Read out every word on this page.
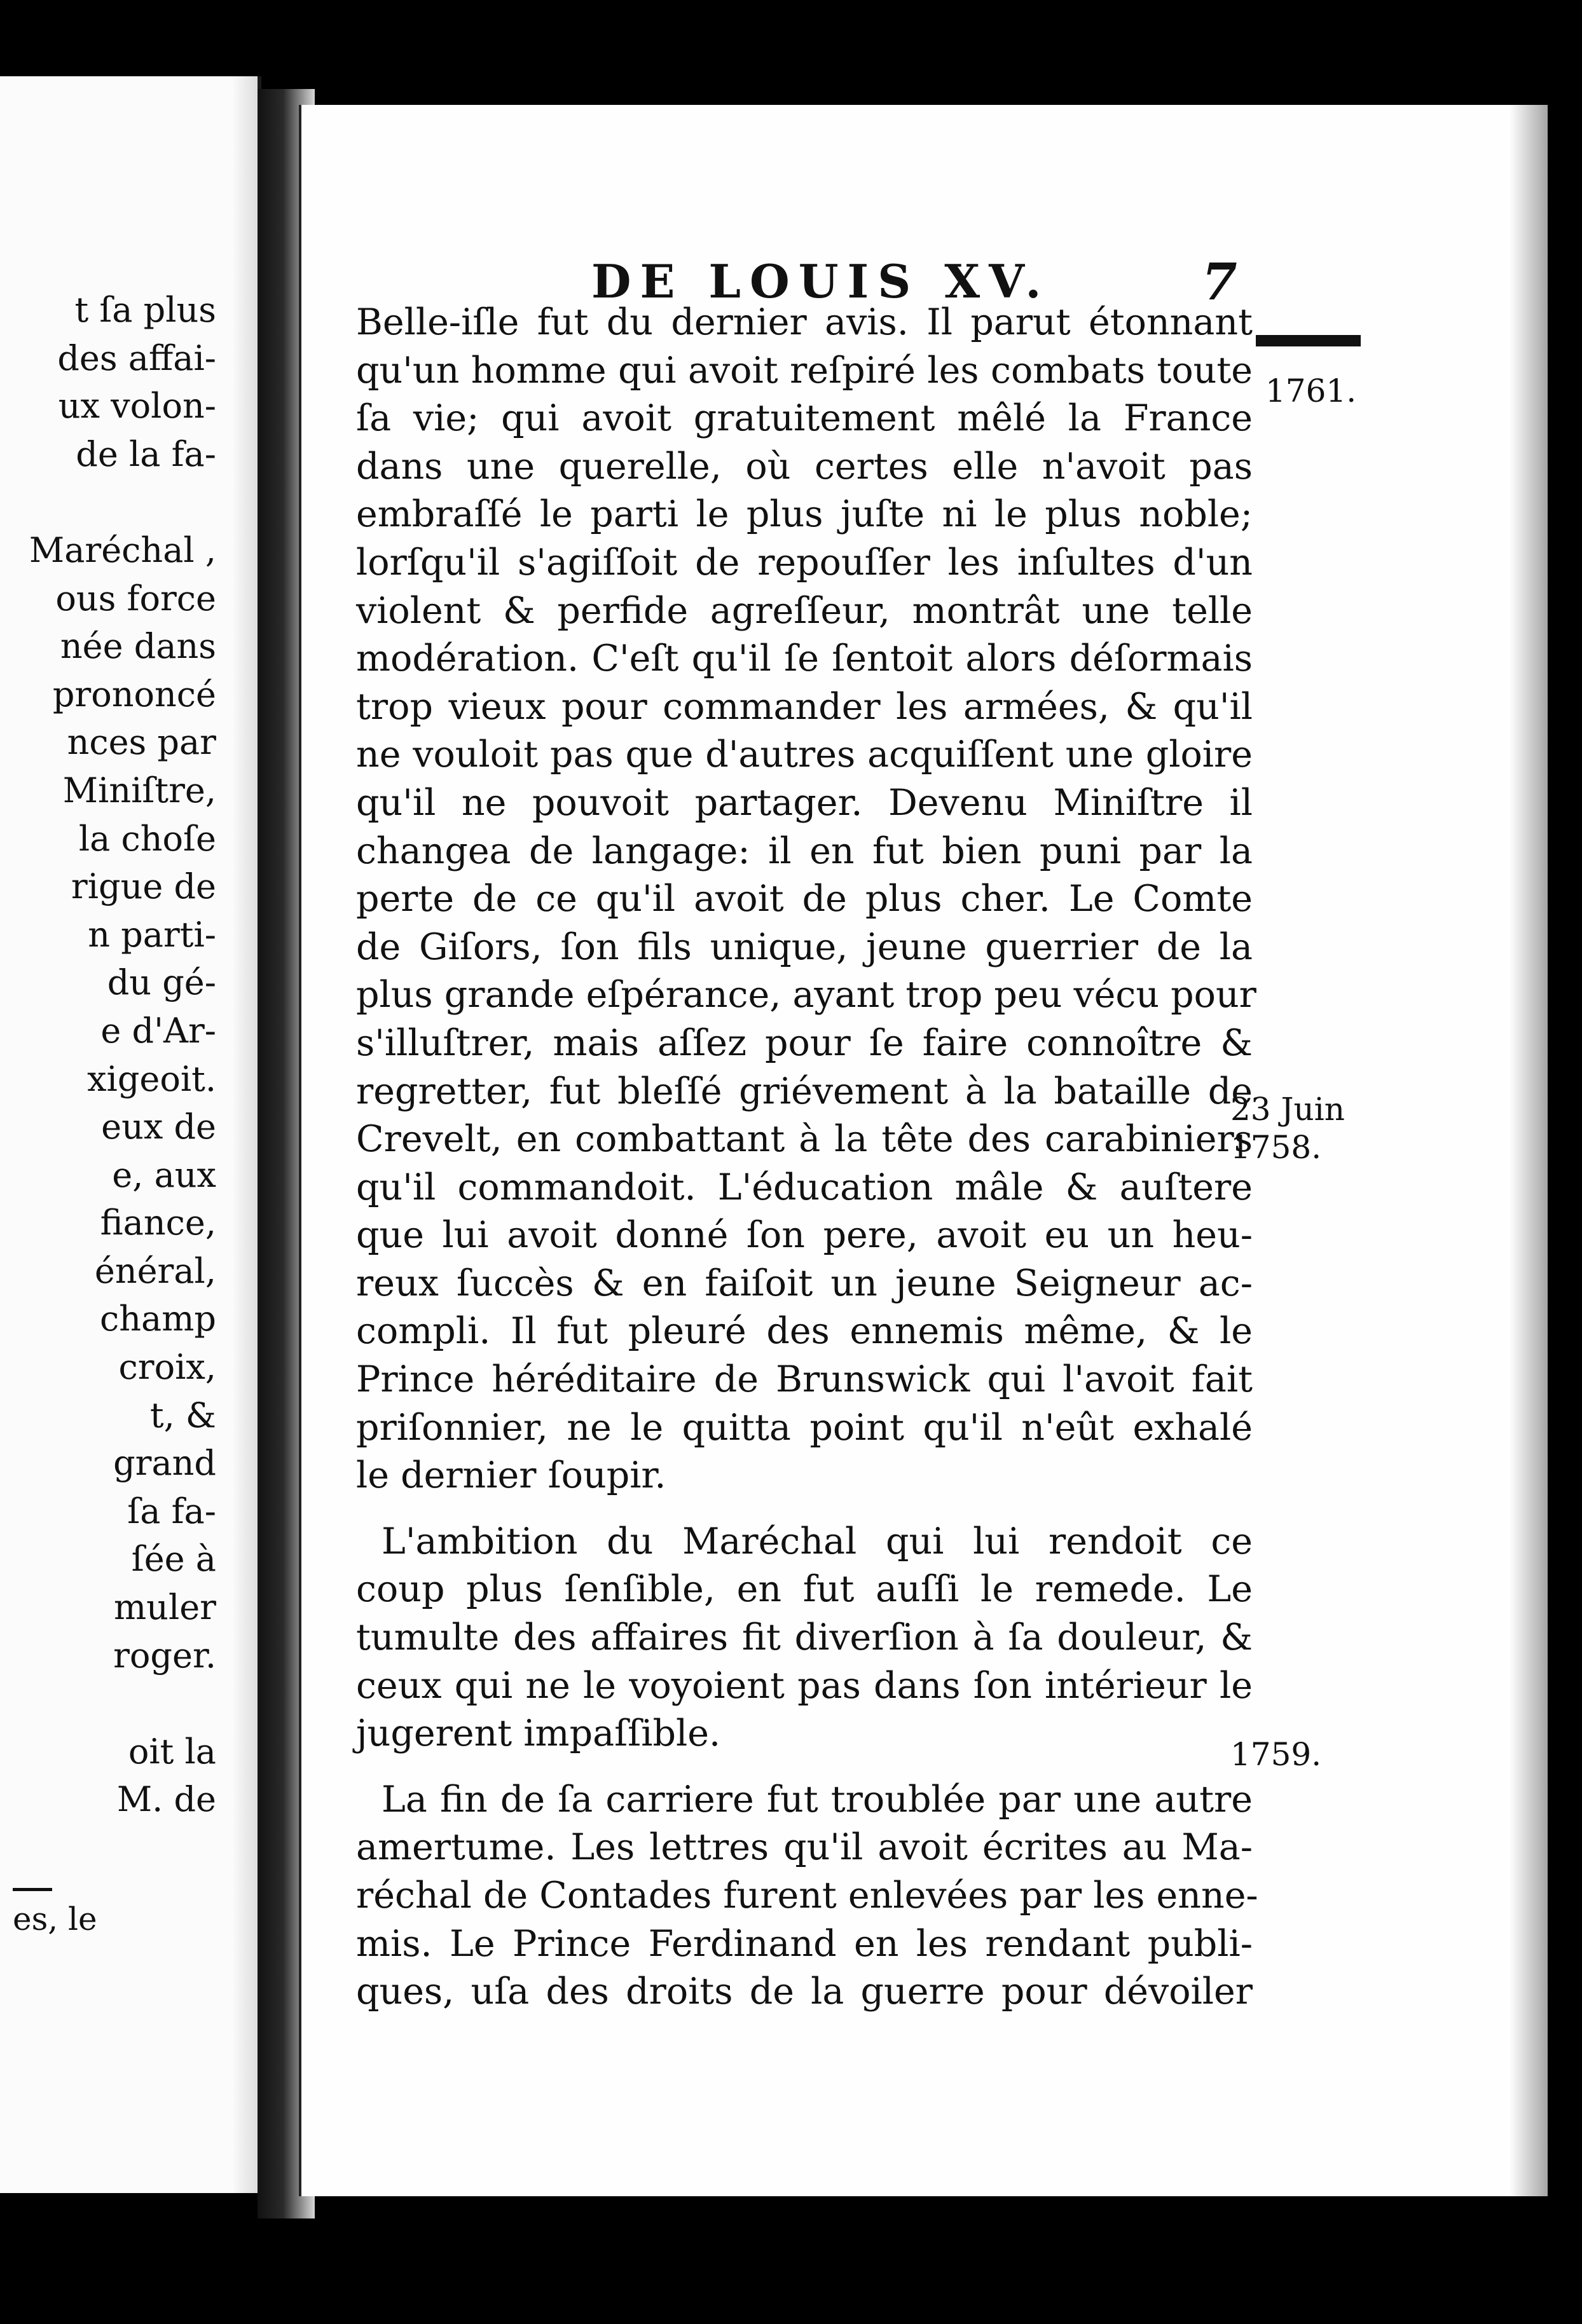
t ſa plus
des affai-
ux volon-
de la fa-

Maréchal ,
ous force
née dans
prononcé
nces par
Miniſtre,
la choſe
rigue de
n parti-
du gé-
e d'Ar-
xigeoit.
eux de
e, aux
fiance,
énéral,
champ
croix,
t, &
grand
ſa fa-
ſée à
muler
roger.

oit la
M. de
es, le
DE LOUIS XV.	7
1761.
23 Juin
1758.
1759.
Belle-iſle fut du dernier avis. Il parut étonnant
qu'un homme qui avoit reſpiré les combats toute
ſa vie; qui avoit gratuitement mêlé la France
dans une querelle, où certes elle n'avoit pas
embraſſé le parti le plus juſte ni le plus noble;
lorſqu'il s'agiſſoit de repouſſer les inſultes d'un
violent & perfide agreſſeur, montrât une telle
modération. C'eſt qu'il ſe ſentoit alors déſormais
trop vieux pour commander les armées, & qu'il
ne vouloit pas que d'autres acquiſſent une gloire
qu'il ne pouvoit partager. Devenu Miniſtre il
changea de langage: il en fut bien puni par la
perte de ce qu'il avoit de plus cher. Le Comte
de Giſors, ſon fils unique, jeune guerrier de la
plus grande eſpérance, ayant trop peu vécu pour
s'illuſtrer, mais aſſez pour ſe faire connoître &
regretter, fut bleſſé griévement à la bataille de
Crevelt, en combattant à la tête des carabiniers
qu'il commandoit. L'éducation mâle & auſtere
que lui avoit donné ſon pere, avoit eu un heu-
reux ſuccès & en faiſoit un jeune Seigneur ac-
compli. Il fut pleuré des ennemis même, & le
Prince héréditaire de Brunswick qui l'avoit fait
priſonnier, ne le quitta point qu'il n'eût exhalé
le dernier ſoupir.
L'ambition du Maréchal qui lui rendoit ce
coup plus ſenſible, en fut auſſi le remede. Le
tumulte des affaires fit diverſion à ſa douleur, &
ceux qui ne le voyoient pas dans ſon intérieur le
jugerent impaſſible.
La fin de ſa carriere fut troublée par une autre
amertume. Les lettres qu'il avoit écrites au Ma-
réchal de Contades furent enlevées par les enne-
mis. Le Prince Ferdinand en les rendant publi-
ques, uſa des droits de la guerre pour dévoiler
